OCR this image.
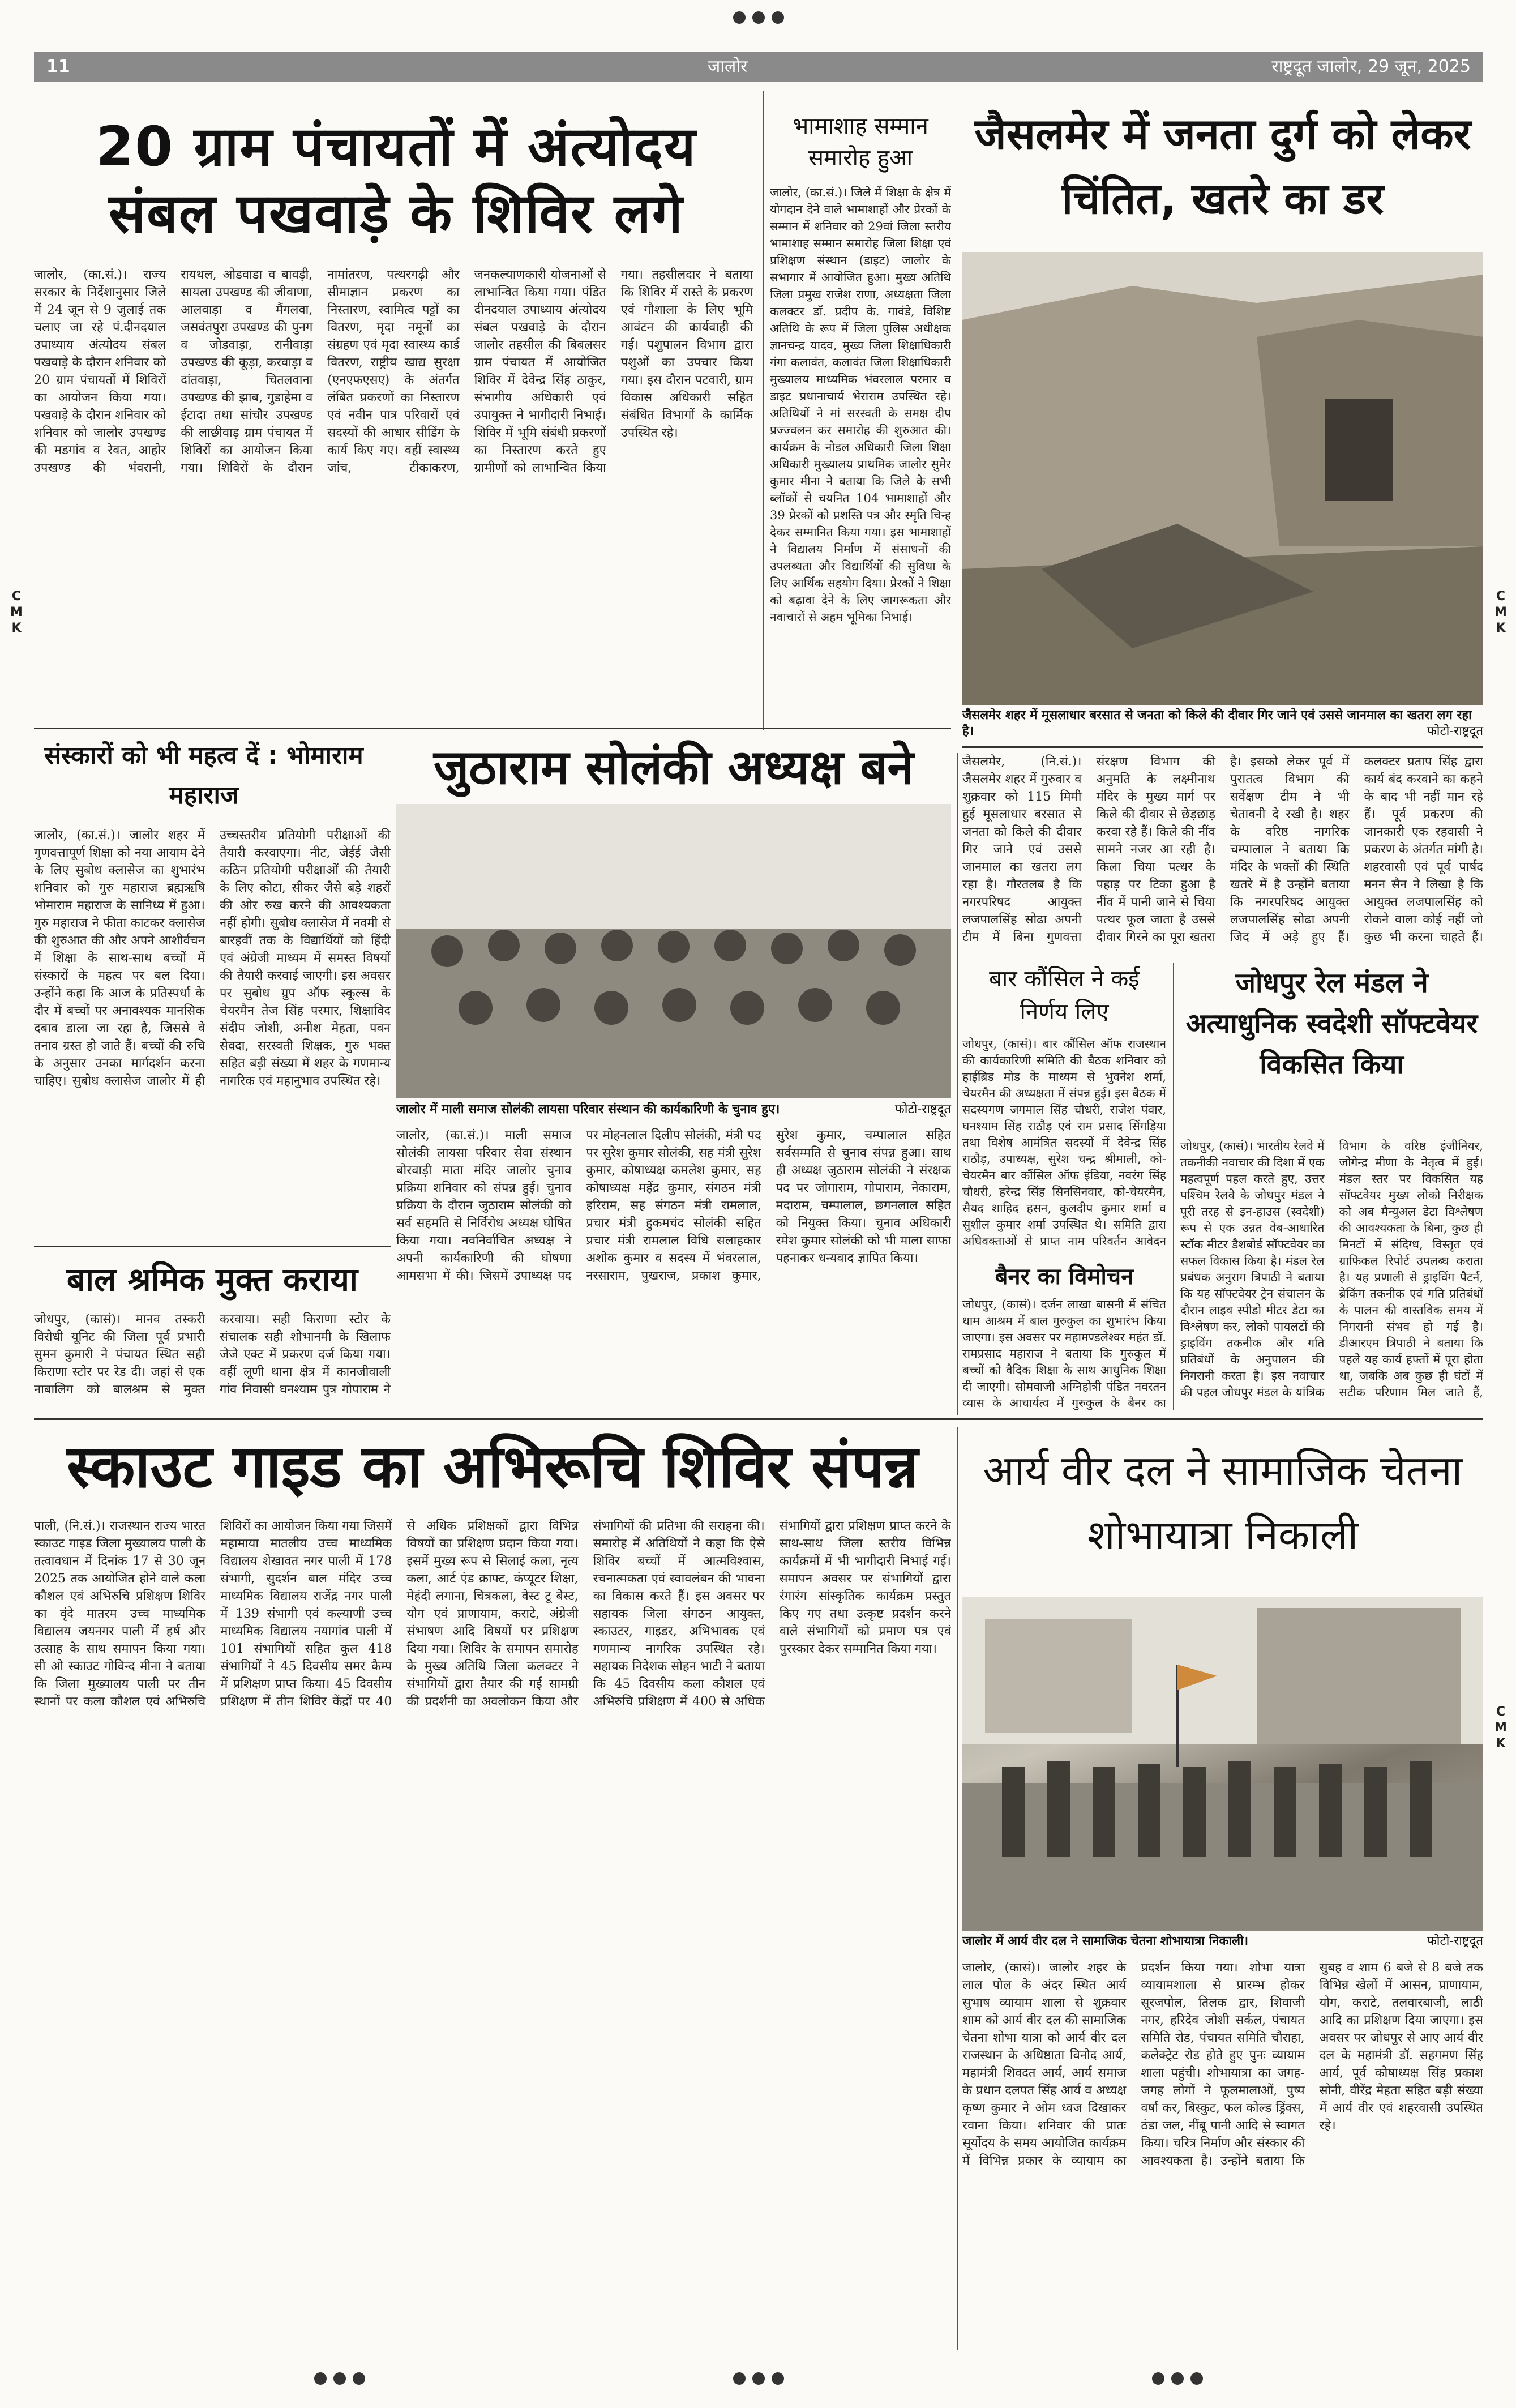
11	जालोर	राष्ट्रदूत जालोर, 29 जून, 2025
20 ग्राम पंचायतों में अंत्योदय संबल पखवाड़े के शिविर लगे
जालोर, (का.सं.)। राज्य सरकार के निर्देशानुसार जिले में 24 जून से 9 जुलाई तक चलाए जा रहे पं.दीनदयाल उपाध्याय अंत्योदय संबल पखवाड़े के दौरान शनिवार को 20 ग्राम पंचायतों में शिविरों का आयोजन किया गया। पखवाड़े के दौरान शनिवार को शनिवार को जालोर उपखण्ड की मडगांव व रेवत, आहोर उपखण्ड की भंवरानी, रायथल, ओडवाडा व बावड़ी, सायला उपखण्ड की जीवाणा, आलवाड़ा व मैंगलवा, जसवंतपुरा उपखण्ड की पुनग व जोडवाड़ा, रानीवाड़ा उपखण्ड की कूड़ा, करवाड़ा व दांतवाड़ा, चितलवाना उपखण्ड की झाब, गुडाहेमा व ईटादा तथा सांचौर उपखण्ड की लाछीवाड़ ग्राम पंचायत में शिविरों का आयोजन किया गया। शिविरों के दौरान नामांतरण, पत्थरगढ़ी और सीमाज्ञान प्रकरण का निस्तारण, स्वामित्व पट्टों का वितरण, मृदा नमूनों का संग्रहण एवं मृदा स्वास्थ्य कार्ड वितरण, राष्ट्रीय खाद्य सुरक्षा (एनएफएसए) के अंतर्गत लंबित प्रकरणों का निस्तारण एवं नवीन पात्र परिवारों एवं सदस्यों की आधार सीडिंग के कार्य किए गए। वहीं स्वास्थ्य जांच, टीकाकरण, जनकल्याणकारी योजनाओं से लाभान्वित किया गया। पंडित दीनदयाल उपाध्याय अंत्योदय संबल पखवाड़े के दौरान जालोर तहसील की बिबलसर ग्राम पंचायत में आयोजित शिविर में देवेन्द्र सिंह ठाकुर, संभागीय अधिकारी एवं उपायुक्त ने भागीदारी निभाई। शिविर में भूमि संबंधी प्रकरणों का निस्तारण करते हुए ग्रामीणों को लाभान्वित किया गया। तहसीलदार ने बताया कि शिविर में रास्ते के प्रकरण एवं गौशाला के लिए भूमि आवंटन की कार्यवाही की गई। पशुपालन विभाग द्वारा पशुओं का उपचार किया गया। इस दौरान पटवारी, ग्राम विकास अधिकारी सहित संबंधित विभागों के कार्मिक उपस्थित रहे।
भामाशाह सम्मान समारोह हुआ
जालोर, (का.सं.)। जिले में शिक्षा के क्षेत्र में योगदान देने वाले भामाशाहों और प्रेरकों के सम्मान में शनिवार को 29वां जिला स्तरीय भामाशाह सम्मान समारोह जिला शिक्षा एवं प्रशिक्षण संस्थान (डाइट) जालोर के सभागार में आयोजित हुआ। मुख्य अतिथि जिला प्रमुख राजेश राणा, अध्यक्षता जिला कलक्टर डॉ. प्रदीप के. गावंडे, विशिष्ट अतिथि के रूप में जिला पुलिस अधीक्षक ज्ञानचन्द्र यादव, मुख्य जिला शिक्षाधिकारी गंगा कलावंत, कलावंत जिला शिक्षाधिकारी मुख्यालय माध्यमिक भंवरलाल परमार व डाइट प्रधानाचार्य भेराराम उपस्थित रहे। अतिथियों ने मां सरस्वती के समक्ष दीप प्रज्ज्वलन कर समारोह की शुरुआत की। कार्यक्रम के नोडल अधिकारी जिला शिक्षा अधिकारी मुख्यालय प्राथमिक जालोर सुमेर कुमार मीना ने बताया कि जिले के सभी ब्लॉकों से चयनित 104 भामाशाहों और 39 प्रेरकों को प्रशस्ति पत्र और स्मृति चिन्ह देकर सम्मानित किया गया। इस भामाशाहों ने विद्यालय निर्माण में संसाधनों की उपलब्धता और विद्यार्थियों की सुविधा के लिए आर्थिक सहयोग दिया। प्रेरकों ने शिक्षा को बढ़ावा देने के लिए जागरूकता और नवाचारों से अहम भूमिका निभाई।
जैसलमेर में जनता दुर्ग को लेकर चिंतित, खतरे का डर
जैसलमेर शहर में मूसलाधार बरसात से जनता को किले की दीवार गिर जाने एवं उससे जानमाल का खतरा लग रहा है।	फोटो-राष्ट्रदूत
जैसलमेर, (नि.सं.)। जैसलमेर शहर में गुरुवार व शुक्रवार को 115 मिमी हुई मूसलाधार बरसात से जनता को किले की दीवार गिर जाने एवं उससे जानमाल का खतरा लग रहा है। गौरतलब है कि नगरपरिषद आयुक्त लजपालसिंह सोढा अपनी टीम में बिना गुणवत्ता संरक्षण विभाग की अनुमति के लक्ष्मीनाथ मंदिर के मुख्य मार्ग पर किले की दीवार से छेड़छाड़ करवा रहे हैं। किले की नींव सामने नजर आ रही है। किला चिया पत्थर के पहाड़ पर टिका हुआ है नींव में पानी जाने से चिया पत्थर फूल जाता है उससे दीवार गिरने का पूरा खतरा है। इसको लेकर पूर्व में पुरातत्व विभाग की सर्वेक्षण टीम ने भी चेतावनी दे रखी है। शहर के वरिष्ठ नागरिक चम्पालाल ने बताया कि मंदिर के भक्तों की स्थिति खतरे में है उन्होंने बताया कि नगरपरिषद आयुक्त लजपालसिंह सोढा अपनी जिद में अड़े हुए हैं। कलक्टर प्रताप सिंह द्वारा कार्य बंद करवाने का कहने के बाद भी नहीं मान रहे हैं। पूर्व प्रकरण की जानकारी एक रहवासी ने प्रकरण के अंतर्गत मांगी है। शहरवासी एवं पूर्व पार्षद मनन सैन ने लिखा है कि आयुक्त लजपालसिंह को रोकने वाला कोई नहीं जो कुछ भी करना चाहते हैं।
संस्कारों को भी महत्व दें : भोमाराम महाराज
जालोर, (का.सं.)। जालोर शहर में गुणवत्तापूर्ण शिक्षा को नया आयाम देने के लिए सुबोध क्लासेज का शुभारंभ शनिवार को गुरु महाराज ब्रह्मऋषि भोमाराम महाराज के सानिध्य में हुआ। गुरु महाराज ने फीता काटकर क्लासेज की शुरुआत की और अपने आशीर्वचन में शिक्षा के साथ-साथ बच्चों में संस्कारों के महत्व पर बल दिया। उन्होंने कहा कि आज के प्रतिस्पर्धा के दौर में बच्चों पर अनावश्यक मानसिक दबाव डाला जा रहा है, जिससे वे तनाव ग्रस्त हो जाते हैं। बच्चों की रुचि के अनुसार उनका मार्गदर्शन करना चाहिए। सुबोध क्लासेज जालोर में ही उच्चस्तरीय प्रतियोगी परीक्षाओं की तैयारी करवाएगा। नीट, जेईई जैसी कठिन प्रतियोगी परीक्षाओं की तैयारी के लिए कोटा, सीकर जैसे बड़े शहरों की ओर रुख करने की आवश्यकता नहीं होगी। सुबोध क्लासेज में नवमी से बारहवीं तक के विद्यार्थियों को हिंदी एवं अंग्रेजी माध्यम में समस्त विषयों की तैयारी करवाई जाएगी। इस अवसर पर सुबोध ग्रुप ऑफ स्कूल्स के चेयरमैन तेज सिंह परमार, शिक्षाविद संदीप जोशी, अनीश मेहता, पवन सेवदा, सरस्वती शिक्षक, गुरु भक्त सहित बड़ी संख्या में शहर के गणमान्य नागरिक एवं महानुभाव उपस्थित रहे।
जुठाराम सोलंकी अध्यक्ष बने
जालोर में माली समाज सोलंकी लायसा परिवार संस्थान की कार्यकारिणी के चुनाव हुए।	फोटो-राष्ट्रदूत
जालोर, (का.सं.)। माली समाज सोलंकी लायसा परिवार सेवा संस्थान बोरवाड़ी माता मंदिर जालोर चुनाव प्रक्रिया शनिवार को संपन्न हुई। चुनाव प्रक्रिया के दौरान जुठाराम सोलंकी को सर्व सहमति से निर्विरोध अध्यक्ष घोषित किया गया। नवनिर्वाचित अध्यक्ष ने अपनी कार्यकारिणी की घोषणा आमसभा में की। जिसमें उपाध्यक्ष पद पर मोहनलाल दिलीप सोलंकी, मंत्री पद पर सुरेश कुमार सोलंकी, सह मंत्री सुरेश कुमार, कोषाध्यक्ष कमलेश कुमार, सह कोषाध्यक्ष महेंद्र कुमार, संगठन मंत्री हरिराम, सह संगठन मंत्री रामलाल, प्रचार मंत्री हुकमचंद सोलंकी सहित प्रचार मंत्री रामलाल विधि सलाहकार अशोक कुमार व सदस्य में भंवरलाल, नरसाराम, पुखराज, प्रकाश कुमार, सुरेश कुमार, चम्पालाल सहित सर्वसम्मति से चुनाव संपन्न हुआ। साथ ही अध्यक्ष जुठाराम सोलंकी ने संरक्षक पद पर जोगाराम, गोपाराम, नेकाराम, मदाराम, चम्पालाल, छगनलाल सहित को नियुक्त किया। चुनाव अधिकारी रमेश कुमार सोलंकी को भी माला साफा पहनाकर धन्यवाद ज्ञापित किया।
बार कौंसिल ने कई निर्णय लिए
जोधपुर, (कासं)। बार कौंसिल ऑफ राजस्थान की कार्यकारिणी समिति की बैठक शनिवार को हाईब्रिड मोड के माध्यम से भुवनेश शर्मा, चेयरमैन की अध्यक्षता में संपन्न हुई। इस बैठक में सदस्यगण जगमाल सिंह चौधरी, राजेश पंवार, घनश्याम सिंह राठौड़ एवं राम प्रसाद सिंगड़िया तथा विशेष आमंत्रित सदस्यों में देवेन्द्र सिंह राठौड़, उपाध्यक्ष, सुरेश चन्द्र श्रीमाली, को-चेयरमैन बार कौंसिल ऑफ इंडिया, नवरंग सिंह चौधरी, हरेन्द्र सिंह सिनसिनवार, को-चेयरमैन, सैयद शाहिद हसन, कुलदीप कुमार शर्मा व सुशील कुमार शर्मा उपस्थित थे। समिति द्वारा अधिवक्ताओं से प्राप्त नाम परिवर्तन आवेदन
बैनर का विमोचन
जोधपुर, (कासं)। दर्जन लाखा बासनी में संचित धाम आश्रम में बाल गुरुकुल का शुभारंभ किया जाएगा। इस अवसर पर महामण्डलेश्वर महंत डॉ. रामप्रसाद महाराज ने बताया कि गुरुकुल में बच्चों को वैदिक शिक्षा के साथ आधुनिक शिक्षा दी जाएगी। सोमवाजी अग्निहोत्री पंडित नवरतन व्यास के आचार्यत्व में गुरुकुल के बैनर का
जोधपुर रेल मंडल ने अत्याधुनिक स्वदेशी सॉफ्टवेयर विकसित किया
जोधपुर, (कासं)। भारतीय रेलवे में तकनीकी नवाचार की दिशा में एक महत्वपूर्ण पहल करते हुए, उत्तर पश्चिम रेलवे के जोधपुर मंडल ने पूरी तरह से इन-हाउस (स्वदेशी) रूप से एक उन्नत वेब-आधारित स्टॉक मीटर डैशबोर्ड सॉफ्टवेयर का सफल विकास किया है। मंडल रेल प्रबंधक अनुराग त्रिपाठी ने बताया कि यह सॉफ्टवेयर ट्रेन संचालन के दौरान लाइव स्पीडो मीटर डेटा का विश्लेषण कर, लोको पायलटों की ड्राइविंग तकनीक और गति प्रतिबंधों के अनुपालन की निगरानी करता है। इस नवाचार की पहल जोधपुर मंडल के यांत्रिक विभाग के वरिष्ठ इंजीनियर, जोगेन्द्र मीणा के नेतृत्व में हुई। मंडल स्तर पर विकसित यह सॉफ्टवेयर मुख्य लोको निरीक्षक को अब मैन्युअल डेटा विश्लेषण की आवश्यकता के बिना, कुछ ही मिनटों में संदिग्ध, विस्तृत एवं ग्राफिकल रिपोर्ट उपलब्ध कराता है। यह प्रणाली से ड्राइविंग पैटर्न, ब्रेकिंग तकनीक एवं गति प्रतिबंधों के पालन की वास्तविक समय में निगरानी संभव हो गई है। डीआरएम त्रिपाठी ने बताया कि पहले यह कार्य हफ्तों में पूरा होता था, जबकि अब कुछ ही घंटों में सटीक परिणाम मिल जाते हैं,
बाल श्रमिक मुक्त कराया
जोधपुर, (कासं)। मानव तस्करी विरोधी यूनिट की जिला पूर्व प्रभारी सुमन कुमारी ने पंचायत स्थित सही किराणा स्टोर पर रेड दी। जहां से एक नाबालिग को बालश्रम से मुक्त करवाया। सही किराणा स्टोर के संचालक सही शोभानमी के खिलाफ जेजे एक्ट में प्रकरण दर्ज किया गया। वहीं लूणी थाना क्षेत्र में कानजीवाली गांव निवासी घनश्याम पुत्र गोपाराम ने
स्काउट गाइड का अभिरूचि शिविर संपन्न
पाली, (नि.सं.)। राजस्थान राज्य भारत स्काउट गाइड जिला मुख्यालय पाली के तत्वावधान में दिनांक 17 से 30 जून 2025 तक आयोजित होने वाले कला कौशल एवं अभिरुचि प्रशिक्षण शिविर का वृंदे मातरम उच्च माध्यमिक विद्यालय जयनगर पाली में हर्ष और उत्साह के साथ समापन किया गया। सी ओ स्काउट गोविन्द मीना ने बताया कि जिला मुख्यालय पाली पर तीन स्थानों पर कला कौशल एवं अभिरुचि शिविरों का आयोजन किया गया जिसमें महामाया मातलीय उच्च माध्यमिक विद्यालय शेखावत नगर पाली में 178 संभागी, सुदर्शन बाल मंदिर उच्च माध्यमिक विद्यालय राजेंद्र नगर पाली में 139 संभागी एवं कल्याणी उच्च माध्यमिक विद्यालय नयागांव पाली में 101 संभागियों सहित कुल 418 संभागियों ने 45 दिवसीय समर कैम्प में प्रशिक्षण प्राप्त किया। 45 दिवसीय प्रशिक्षण में तीन शिविर केंद्रों पर 40 से अधिक प्रशिक्षकों द्वारा विभिन्न विषयों का प्रशिक्षण प्रदान किया गया। इसमें मुख्य रूप से सिलाई कला, नृत्य कला, आर्ट एंड क्राफ्ट, कंप्यूटर शिक्षा, मेहंदी लगाना, चित्रकला, वेस्ट टू बेस्ट, योग एवं प्राणायाम, कराटे, अंग्रेजी संभाषण आदि विषयों पर प्रशिक्षण दिया गया। शिविर के समापन समारोह के मुख्य अतिथि जिला कलक्टर ने संभागियों द्वारा तैयार की गई सामग्री की प्रदर्शनी का अवलोकन किया और संभागियों की प्रतिभा की सराहना की। समारोह में अतिथियों ने कहा कि ऐसे शिविर बच्चों में आत्मविश्वास, रचनात्मकता एवं स्वावलंबन की भावना का विकास करते हैं। इस अवसर पर सहायक जिला संगठन आयुक्त, स्काउटर, गाइडर, अभिभावक एवं गणमान्य नागरिक उपस्थित रहे। सहायक निदेशक सोहन भाटी ने बताया कि 45 दिवसीय कला कौशल एवं अभिरुचि प्रशिक्षण में 400 से अधिक संभागियों द्वारा प्रशिक्षण प्राप्त करने के साथ-साथ जिला स्तरीय विभिन्न कार्यक्रमों में भी भागीदारी निभाई गई। समापन अवसर पर संभागियों द्वारा रंगारंग सांस्कृतिक कार्यक्रम प्रस्तुत किए गए तथा उत्कृष्ट प्रदर्शन करने वाले संभागियों को प्रमाण पत्र एवं पुरस्कार देकर सम्मानित किया गया।
आर्य वीर दल ने सामाजिक चेतना शोभायात्रा निकाली
जालोर में आर्य वीर दल ने सामाजिक चेतना शोभायात्रा निकाली।	फोटो-राष्ट्रदूत
जालोर, (कासं)। जालोर शहर के लाल पोल के अंदर स्थित आर्य सुभाष व्यायाम शाला से शुक्रवार शाम को आर्य वीर दल की सामाजिक चेतना शोभा यात्रा को आर्य वीर दल राजस्थान के अधिष्ठाता विनोद आर्य, महामंत्री शिवदत आर्य, आर्य समाज के प्रधान दलपत सिंह आर्य व अध्यक्ष कृष्ण कुमार ने ओम ध्वज दिखाकर रवाना किया। शनिवार की प्रातः सूर्योदय के समय आयोजित कार्यक्रम में विभिन्न प्रकार के व्यायाम का प्रदर्शन किया गया। शोभा यात्रा व्यायामशाला से प्रारम्भ होकर सूरजपोल, तिलक द्वार, शिवाजी नगर, हरिदेव जोशी सर्कल, पंचायत समिति रोड, पंचायत समिति चौराहा, कलेक्ट्रेट रोड होते हुए पुनः व्यायाम शाला पहुंची। शोभायात्रा का जगह-जगह लोगों ने फूलमालाओं, पुष्प वर्षा कर, बिस्कुट, फल कोल्ड ड्रिंक्स, ठंडा जल, नींबू पानी आदि से स्वागत किया। चरित्र निर्माण और संस्कार की आवश्यकता है। उन्होंने बताया कि सुबह व शाम 6 बजे से 8 बजे तक विभिन्न खेलों में आसन, प्राणायाम, योग, कराटे, तलवारबाजी, लाठी आदि का प्रशिक्षण दिया जाएगा। इस अवसर पर जोधपुर से आए आर्य वीर दल के महामंत्री डॉ. सहगमण सिंह आर्य, पूर्व कोषाध्यक्ष सिंह प्रकाश सोनी, वीरेंद्र मेहता सहित बड़ी संख्या में आर्य वीर एवं शहरवासी उपस्थित रहे।
C
M
K
C
M
K
C
M
K
